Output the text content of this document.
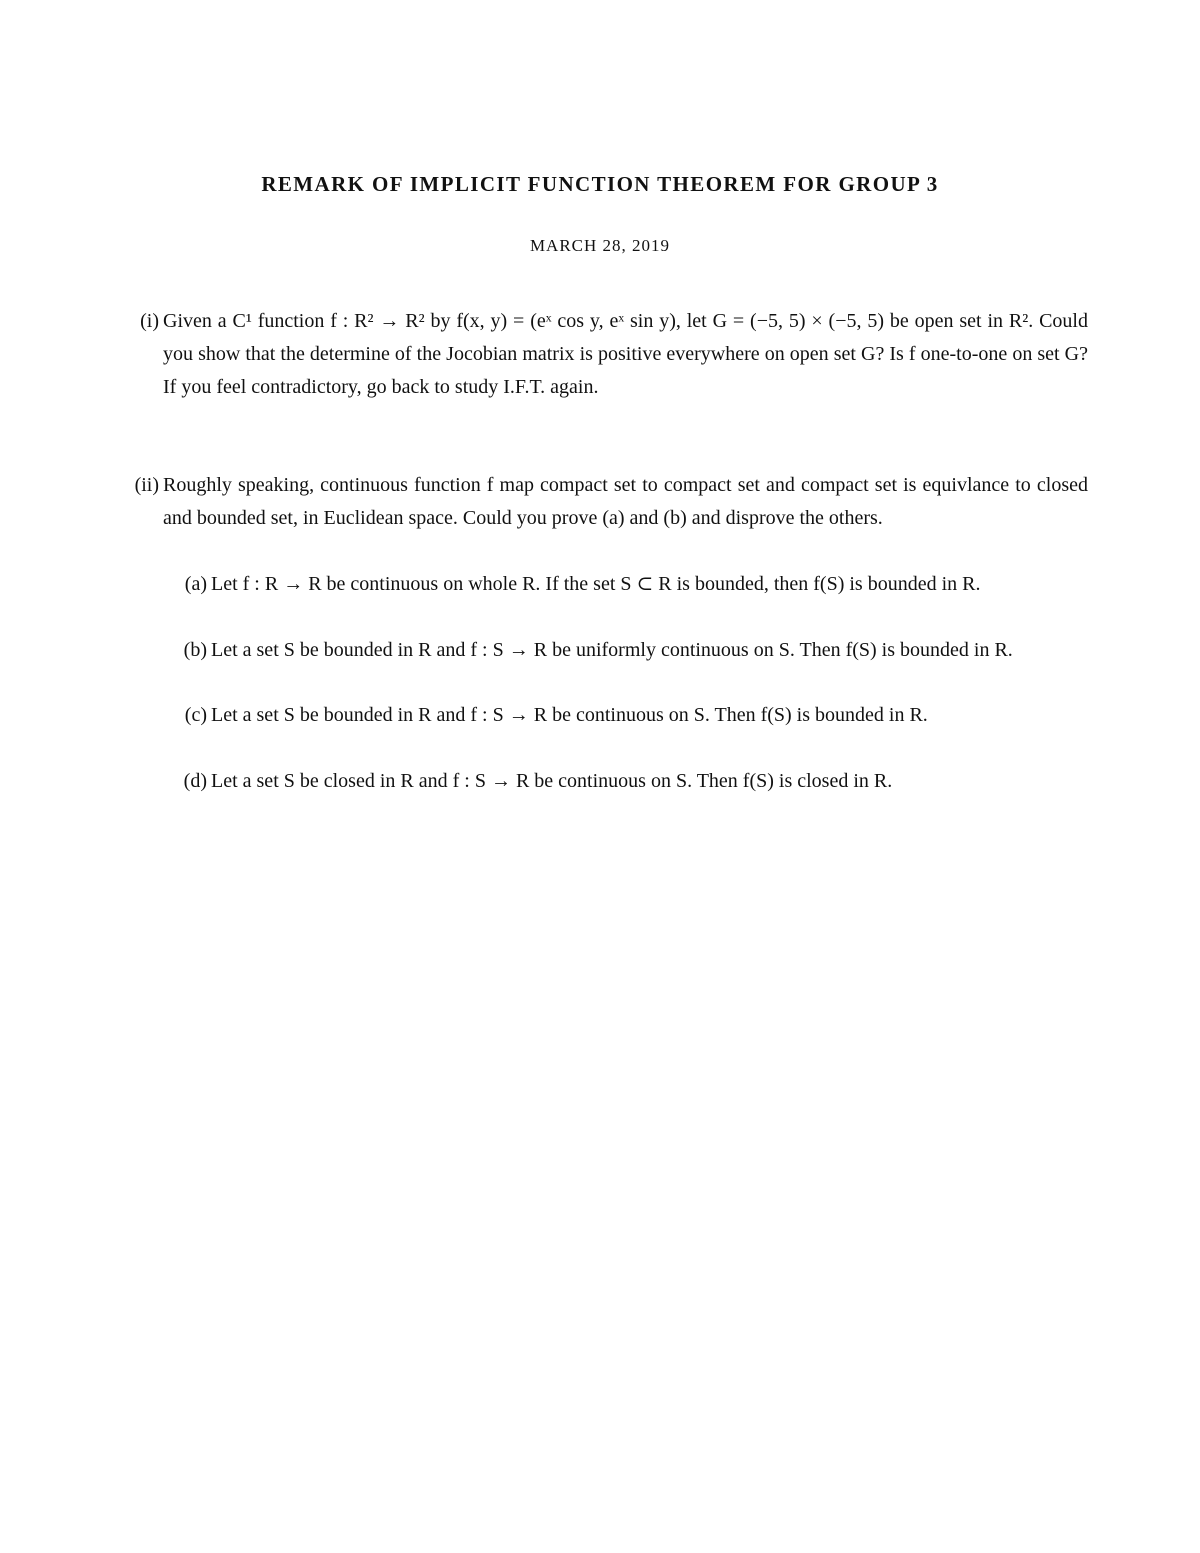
REMARK OF IMPLICIT FUNCTION THEOREM FOR GROUP 3
MARCH 28, 2019
(i) Given a C¹ function f : R² → R² by f(x, y) = (eˣ cos y, eˣ sin y), let G = (−5, 5) × (−5, 5) be open set in R². Could you show that the determine of the Jocobian matrix is positive everywhere on open set G? Is f one-to-one on set G? If you feel contradictory, go back to study I.F.T. again.
(ii) Roughly speaking, continuous function f map compact set to compact set and compact set is equivlance to closed and bounded set, in Euclidean space. Could you prove (a) and (b) and disprove the others.
(a) Let f : R → R be continuous on whole R. If the set S ⊂ R is bounded, then f(S) is bounded in R.
(b) Let a set S be bounded in R and f : S → R be uniformly continuous on S. Then f(S) is bounded in R.
(c) Let a set S be bounded in R and f : S → R be continuous on S. Then f(S) is bounded in R.
(d) Let a set S be closed in R and f : S → R be continuous on S. Then f(S) is closed in R.
